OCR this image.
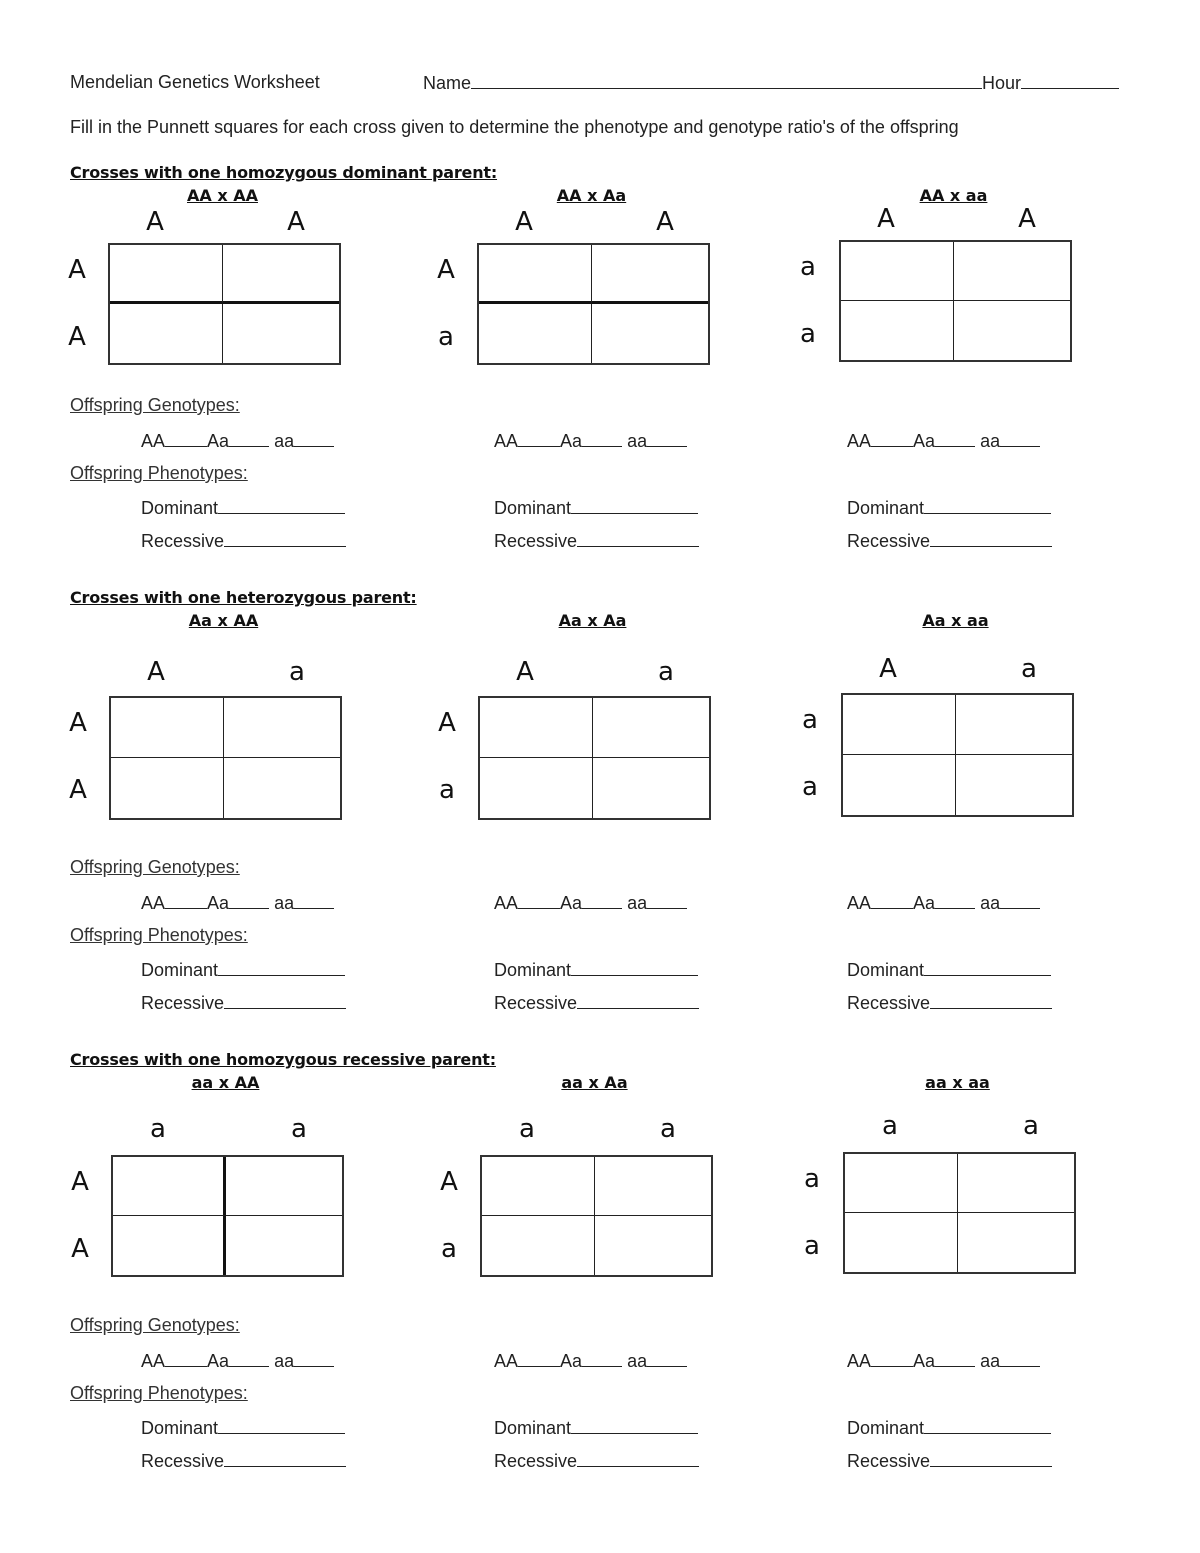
Mendelian Genetics Worksheet	Name	Hour
Fill in the Punnett squares for each cross given to determine the phenotype and genotype ratio's of the offspring
Crosses with one homozygous dominant parent:
AA x AA
A	A
A
A
Offspring Genotypes:
Offspring Phenotypes:
AA Aa	aa
Dominant
Recessive
AA x Aa
A	A
A
a
AA Aa	aa
Dominant
Recessive
AA x aa
A	A
a
a
AA Aa	aa
Dominant
Recessive
Crosses with one heterozygous parent:
Aa x AA
A	a
A
A
Offspring Genotypes:
Offspring Phenotypes:
AA Aa	aa
Dominant
Recessive
Aa x Aa
A	a
A
a
AA Aa	aa
Dominant
Recessive
Aa x aa
A	a
a
a
AA Aa	aa
Dominant
Recessive
Crosses with one homozygous recessive parent:
aa x AA
a	a
A
A
Offspring Genotypes:
Offspring Phenotypes:
AA Aa	aa
Dominant
Recessive
aa x Aa
a	a
A
a
AA Aa	aa
Dominant
Recessive
aa x aa
a	a
a
a
AA Aa	aa
Dominant
Recessive
